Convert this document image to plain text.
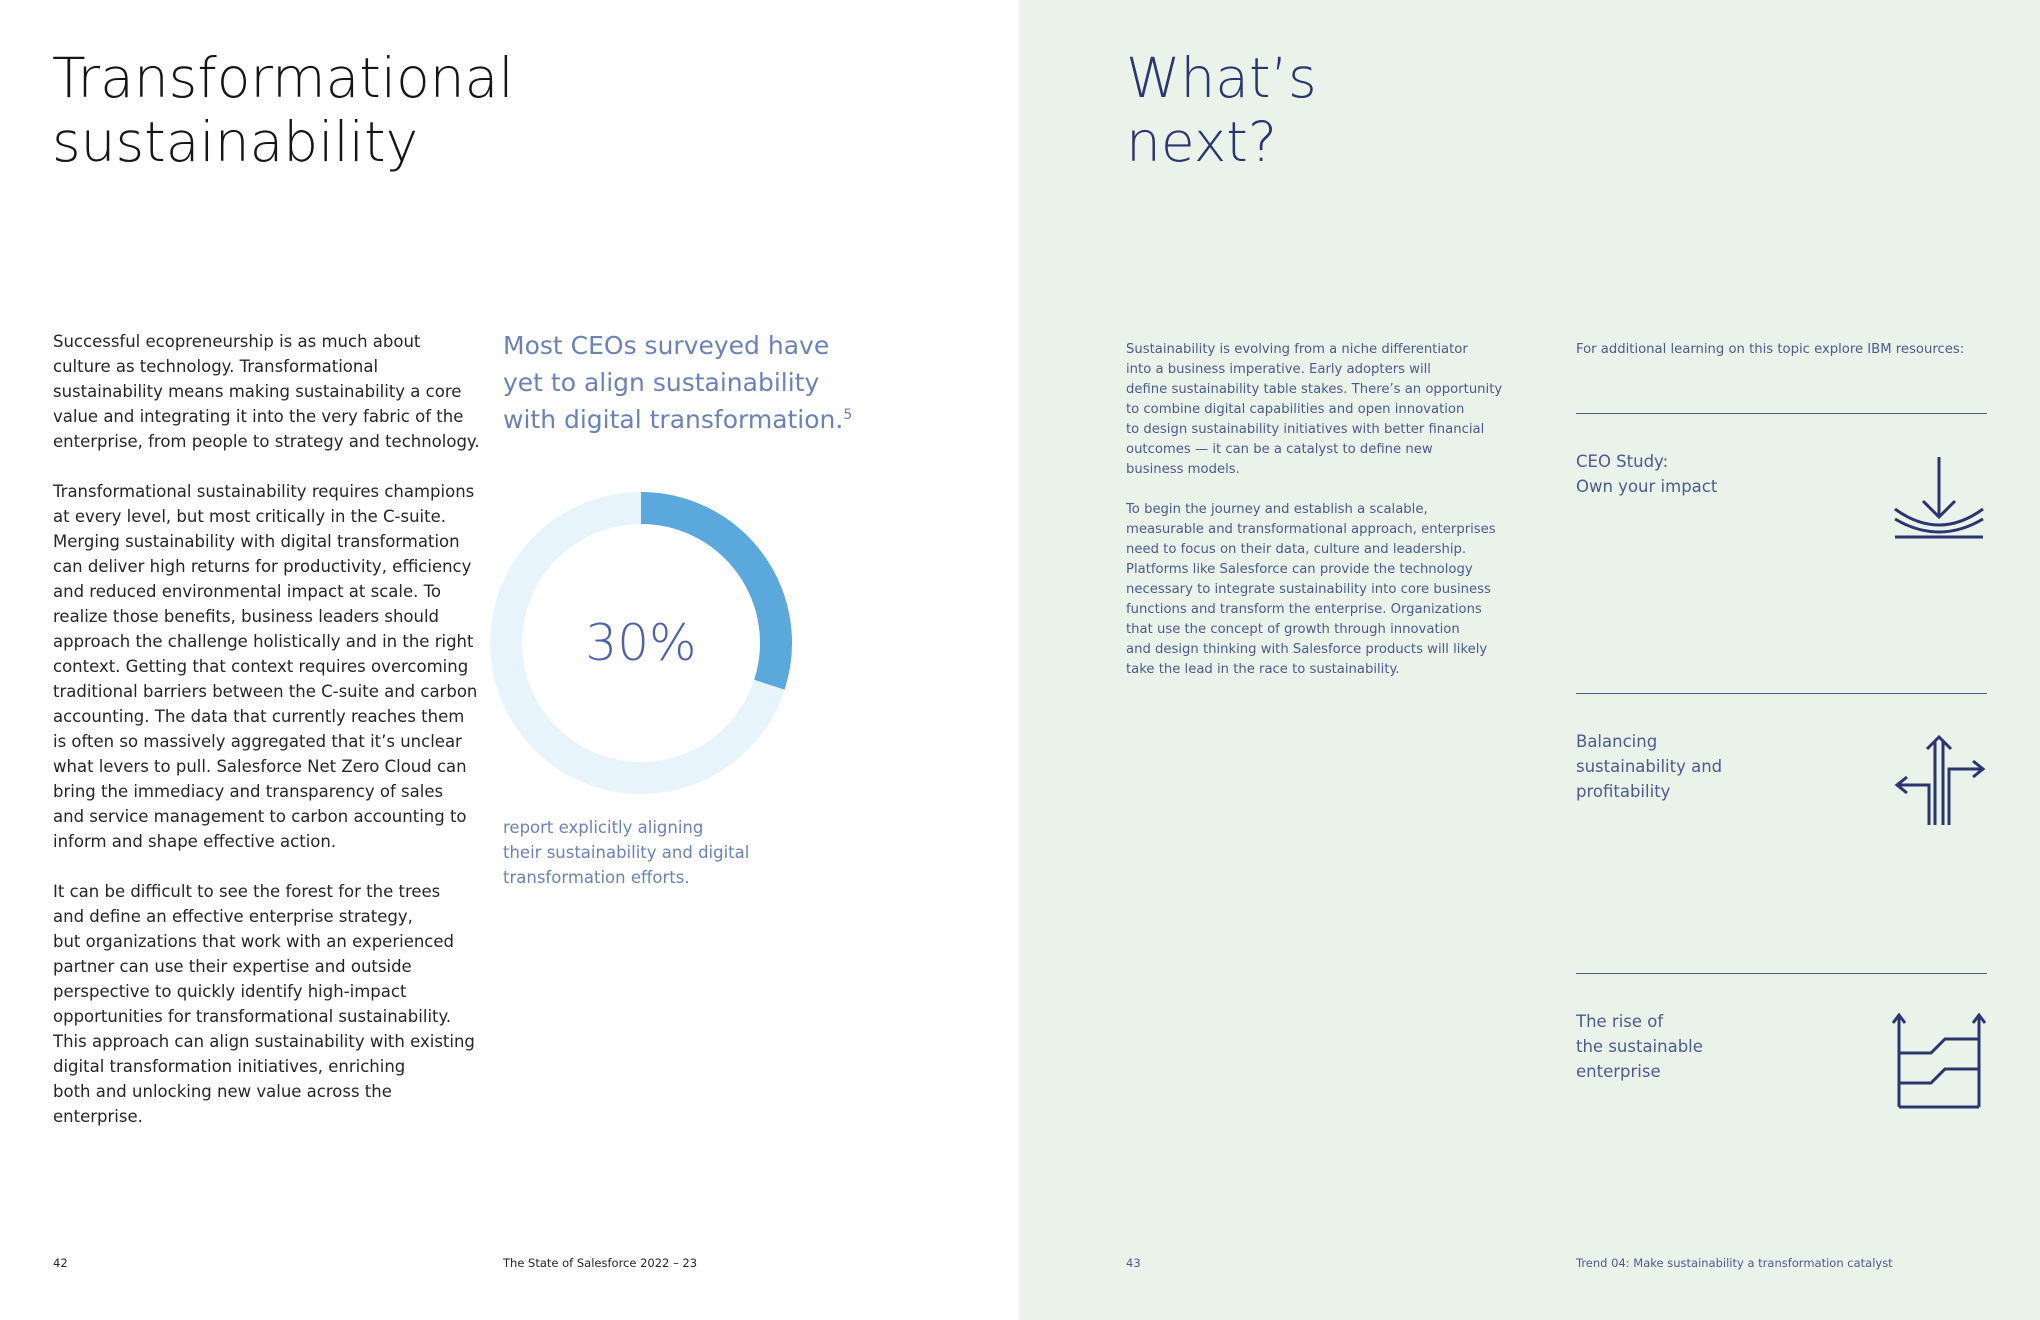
Transformational
sustainability

Successful ecopreneurship is as much about
culture as technology. Transformational
sustainability means making sustainability a core
value and integrating it into the very fabric of the
enterprise, from people to strategy and technology.

Transformational sustainability requires champions
at every level, but most critically in the C-suite.
Merging sustainability with digital transformation
can deliver high returns for productivity, efficiency
and reduced environmental impact at scale. To
realize those benefits, business leaders should
approach the challenge holistically and in the right
context. Getting that context requires overcoming
traditional barriers between the C-suite and carbon
accounting. The data that currently reaches them
is often so massively aggregated that it’s unclear
what levers to pull. Salesforce Net Zero Cloud can
bring the immediacy and transparency of sales
and service management to carbon accounting to
inform and shape effective action.

It can be difficult to see the forest for the trees
and define an effective enterprise strategy,
but organizations that work with an experienced
partner can use their expertise and outside
perspective to quickly identify high-impact
opportunities for transformational sustainability.
This approach can align sustainability with existing
digital transformation initiatives, enriching
both and unlocking new value across the enterprise.

Most CEOs surveyed have
yet to align sustainability
with digital transformation.$^5$
30%
report explicitly aligning
their sustainability and digital
transformation efforts.
42	The State of Salesforce 2022 – 23
What’s
next?

Sustainability is evolving from a niche differentiator
into a business imperative. Early adopters will
define sustainability table stakes. There’s an opportunity
to combine digital capabilities and open innovation
to design sustainability initiatives with better financial
outcomes — it can be a catalyst to define new
business models.

To begin the journey and establish a scalable,
measurable and transformational approach, enterprises
need to focus on their data, culture and leadership.
Platforms like Salesforce can provide the technology
necessary to integrate sustainability into core business
functions and transform the enterprise. Organizations
that use the concept of growth through innovation
and design thinking with Salesforce products will likely
take the lead in the race to sustainability.

For additional learning on this topic explore IBM resources:
CEO Study:
Own your impact
Balancing
sustainability and
profitability
The rise of
the sustainable
enterprise
43	Trend 04: Make sustainability a transformation catalyst
